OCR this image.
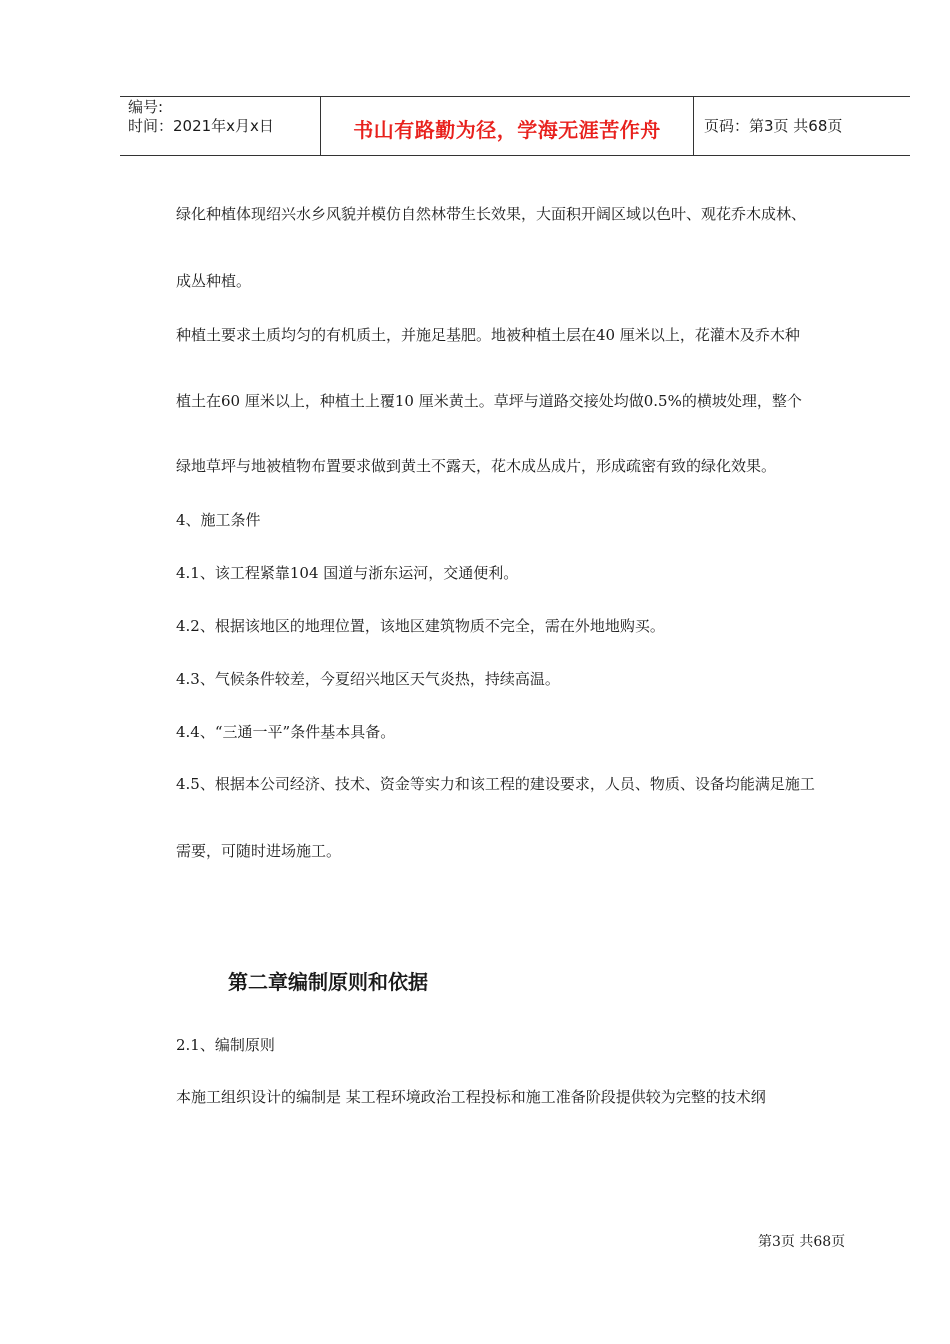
编号:
时间：2021年x月x日	书山有路勤为径，学海无涯苦作舟	页码：第3页 共68页
绿化种植体现绍兴水乡风貌并模仿自然林带生长效果，大面积开阔区域以色叶、观花乔木成林、
成丛种植。
种植土要求土质均匀的有机质土，并施足基肥。地被种植土层在40 厘米以上，花灌木及乔木种
植土在60 厘米以上，种植土上覆10 厘米黄土。草坪与道路交接处均做0.5%的横坡处理，整个
绿地草坪与地被植物布置要求做到黄土不露天，花木成丛成片，形成疏密有致的绿化效果。
4、施工条件
4.1、该工程紧靠104 国道与浙东运河，交通便利。
4.2、根据该地区的地理位置，该地区建筑物质不完全，需在外地地购买。
4.3、气候条件较差，今夏绍兴地区天气炎热，持续高温。
4.4、“三通一平”条件基本具备。
4.5、根据本公司经济、技术、资金等实力和该工程的建设要求，人员、物质、设备均能满足施工
需要，可随时进场施工。
第二章编制原则和依据
2.1、编制原则
本施工组织设计的编制是 某工程环境政治工程投标和施工准备阶段提供较为完整的技术纲
第3页 共68页
